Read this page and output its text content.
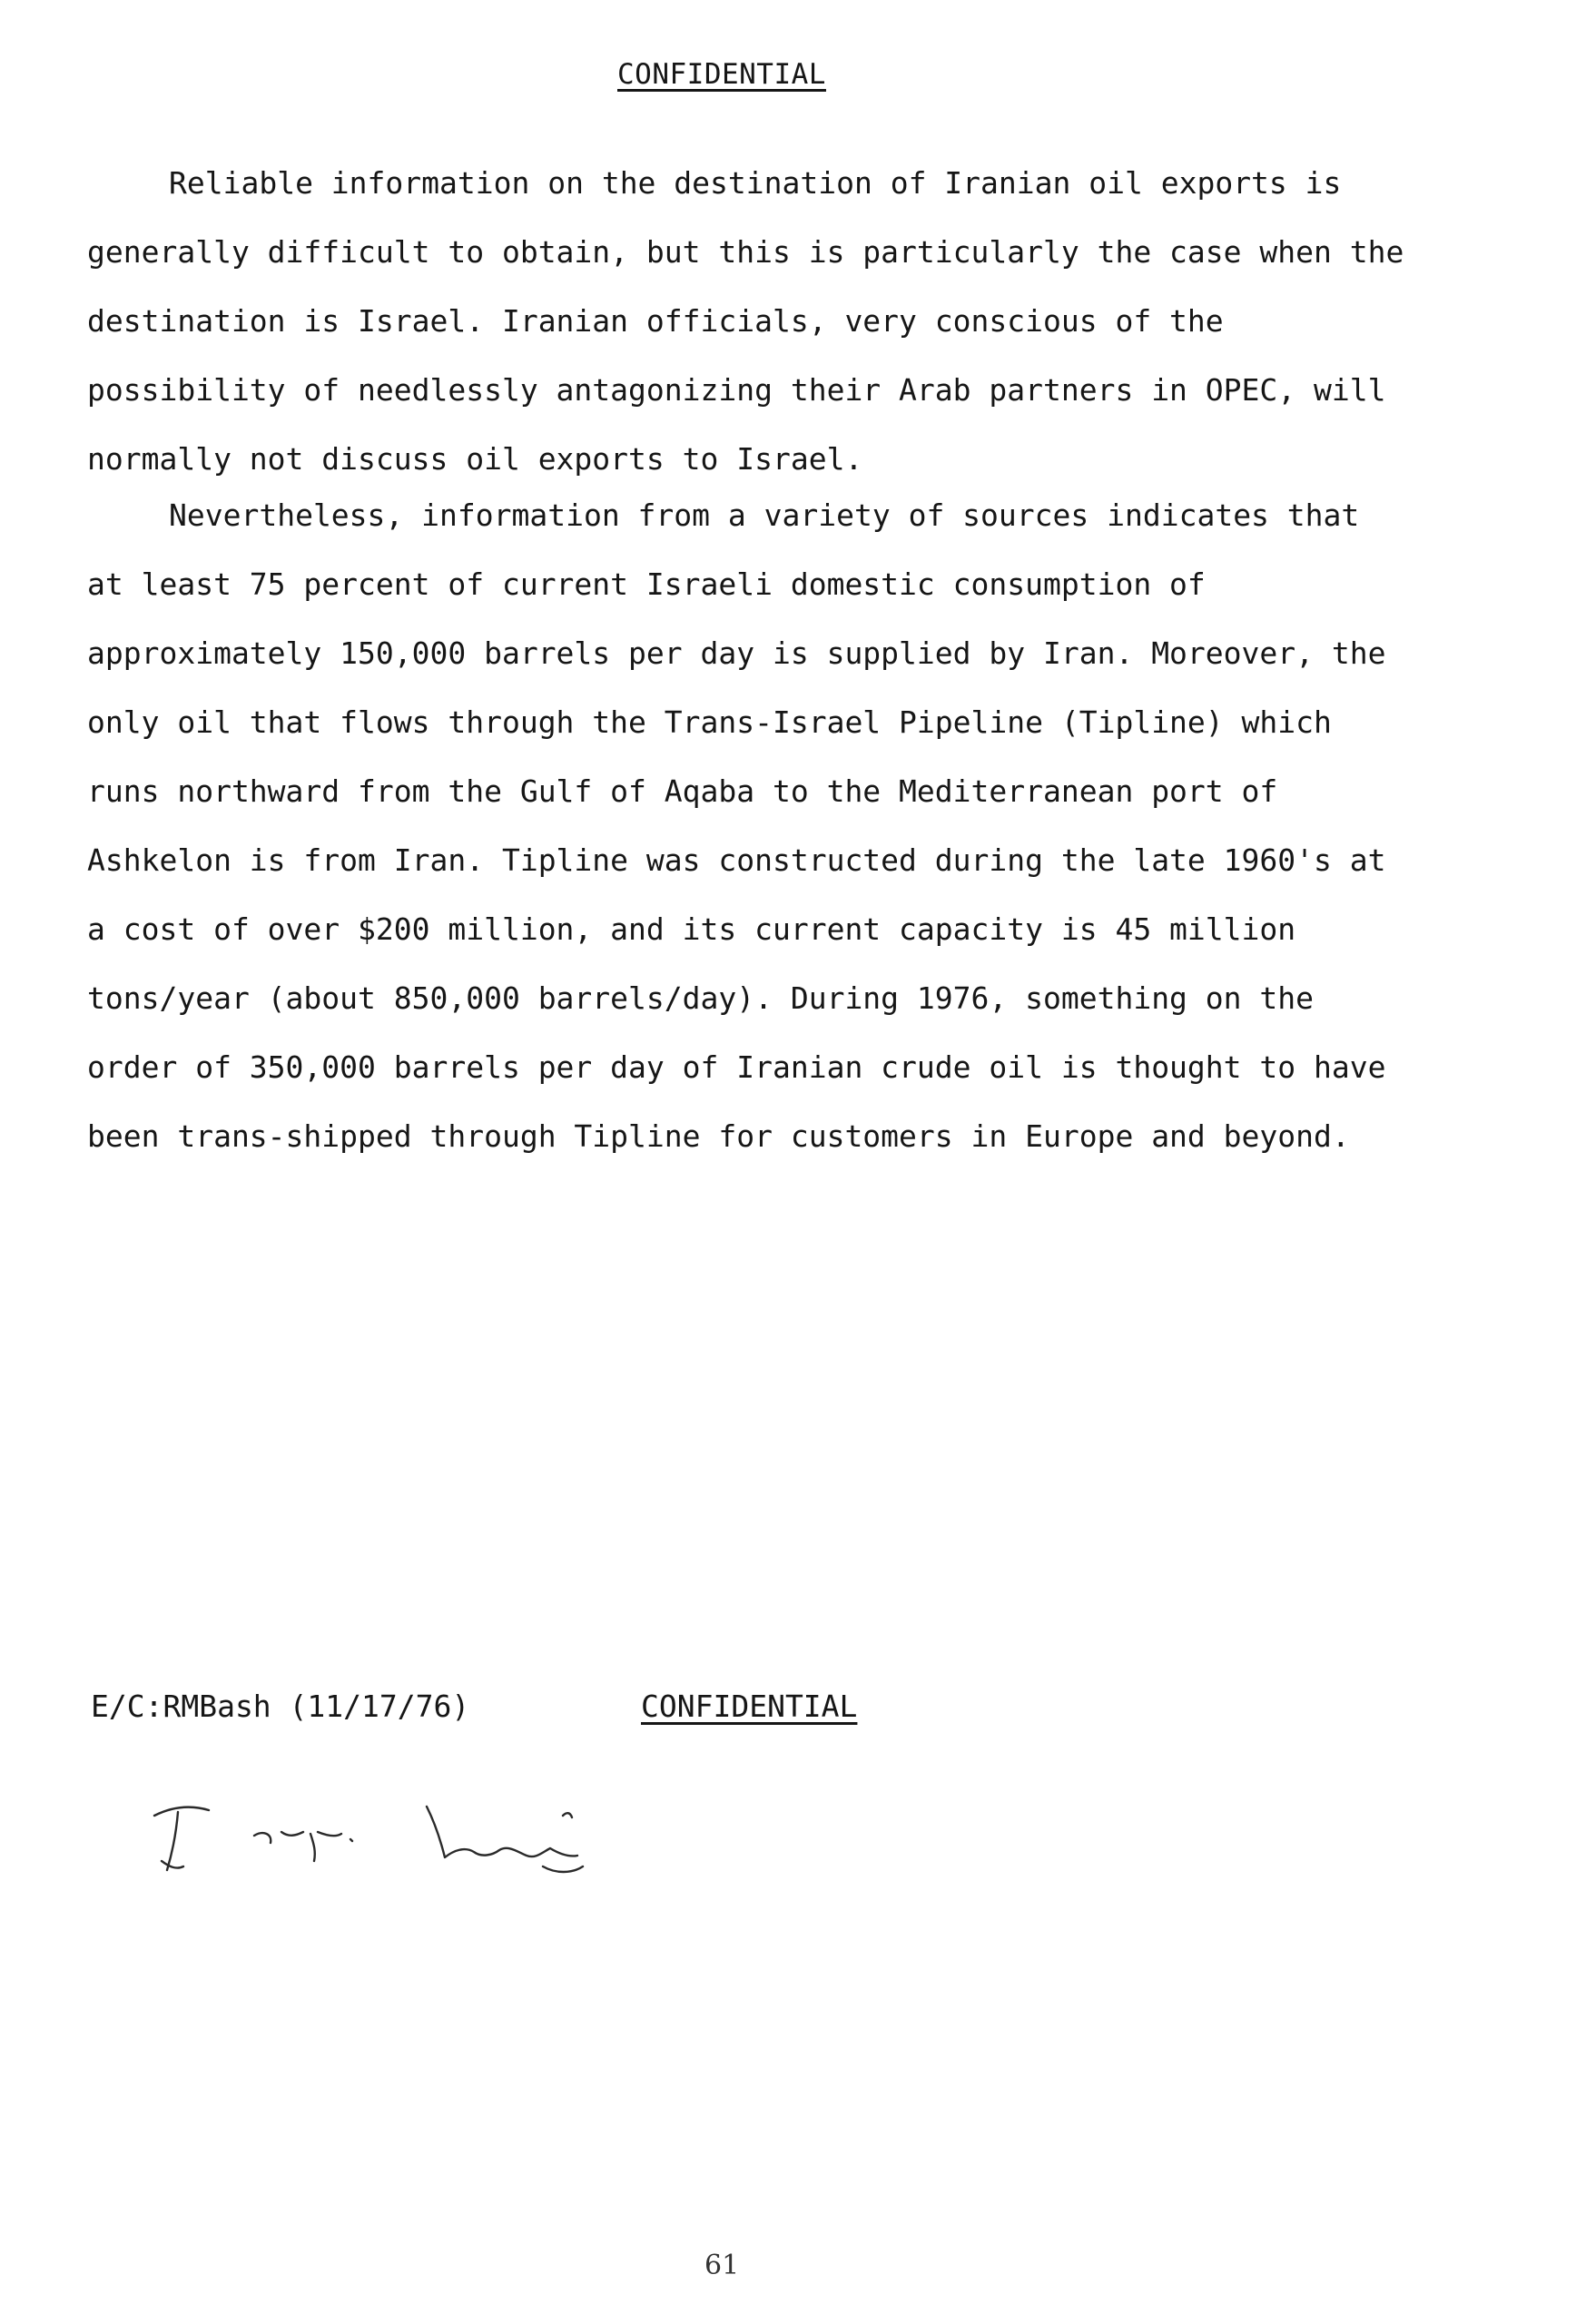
CONFIDENTIAL

Reliable information on the destination of Iranian oil exports is generally difficult to obtain, but this is particularly the case when the destination is Israel. Iranian officials, very conscious of the possibility of needlessly antagonizing their Arab partners in OPEC, will normally not discuss oil exports to Israel.

Nevertheless, information from a variety of sources indicates that at least 75 percent of current Israeli domestic consumption of approximately 150,000 barrels per day is supplied by Iran. Moreover, the only oil that flows through the Trans-Israel Pipeline (Tipline) which runs northward from the Gulf of Aqaba to the Mediterranean port of Ashkelon is from Iran. Tipline was constructed during the late 1960's at a cost of over $200 million, and its current capacity is 45 million tons/year (about 850,000 barrels/day). During 1976, something on the order of 350,000 barrels per day of Iranian crude oil is thought to have been trans-shipped through Tipline for customers in Europe and beyond.

E/C:RMBash (11/17/76)	CONFIDENTIAL
61
